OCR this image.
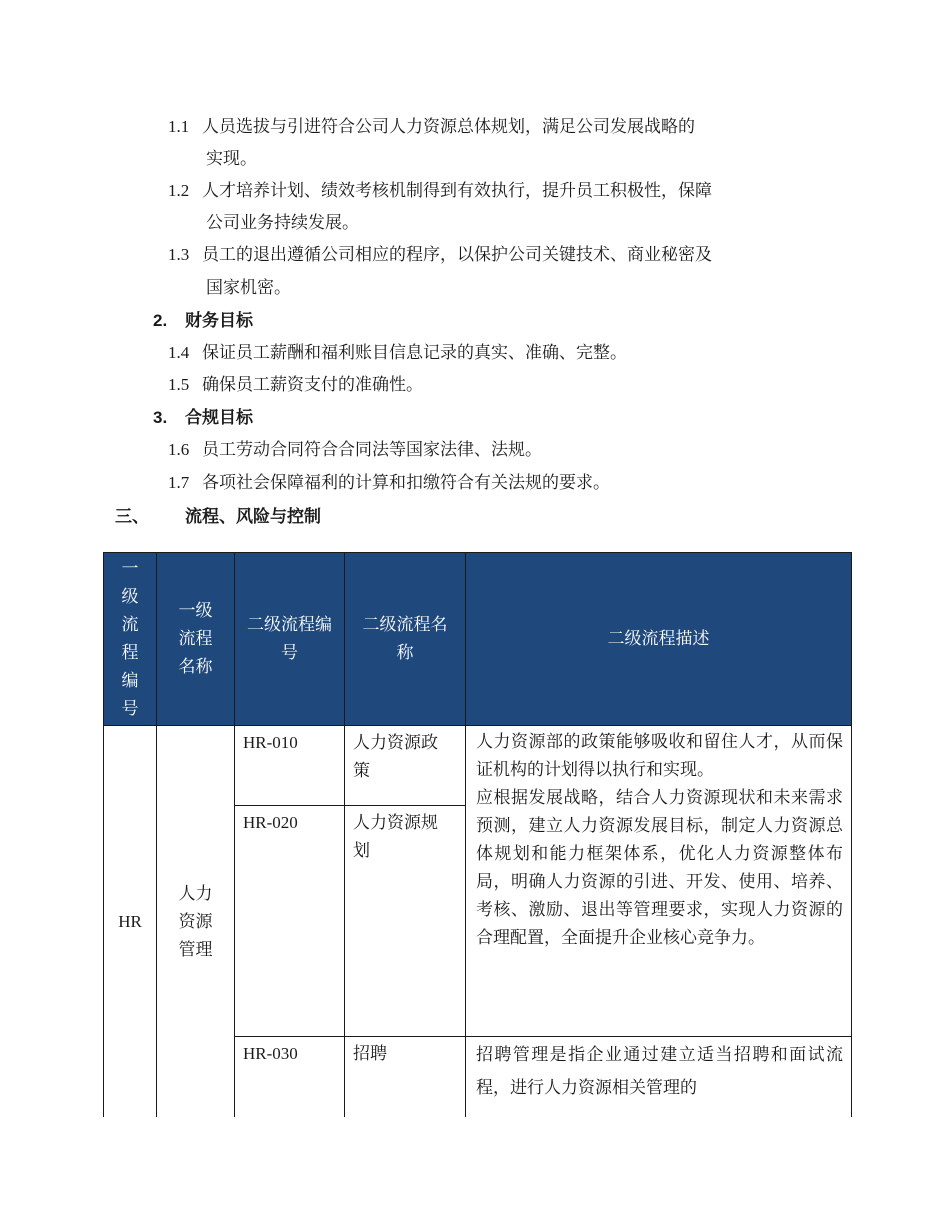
1.1 人员选拔与引进符合公司人力资源总体规划，满足公司发展战略的
实现。
1.2 人才培养计划、绩效考核机制得到有效执行，提升员工积极性，保障
公司业务持续发展。
1.3 员工的退出遵循公司相应的程序，以保护公司关键技术、商业秘密及
国家机密。
2. 财务目标
1.4 保证员工薪酬和福利账目信息记录的真实、准确、完整。
1.5 确保员工薪资支付的准确性。
3. 合规目标
1.6 员工劳动合同符合合同法等国家法律、法规。
1.7 各项社会保障福利的计算和扣缴符合有关法规的要求。
三、 流程、风险与控制
一级流程编号	一级流程名称	二级流程编号	二级流程名称	二级流程描述
HR	人力资源管理	HR-010	人力资源政策	人力资源部的政策能够吸收和留住人才，从而保证机构的计划得以执行和实现。
应根据发展战略，结合人力资源现状和未来需求预测，建立人力资源发展目标，制定人力资源总体规划和能力框架体系，优化人力资源整体布局，明确人力资源的引进、开发、使用、培养、考核、激励、退出等管理要求，实现人力资源的合理配置，全面提升企业核心竞争力。

		HR-020	人力资源规划	

		HR-030	招聘	招聘管理是指企业通过建立适当招聘和面试流程，进行人力资源相关管理的
